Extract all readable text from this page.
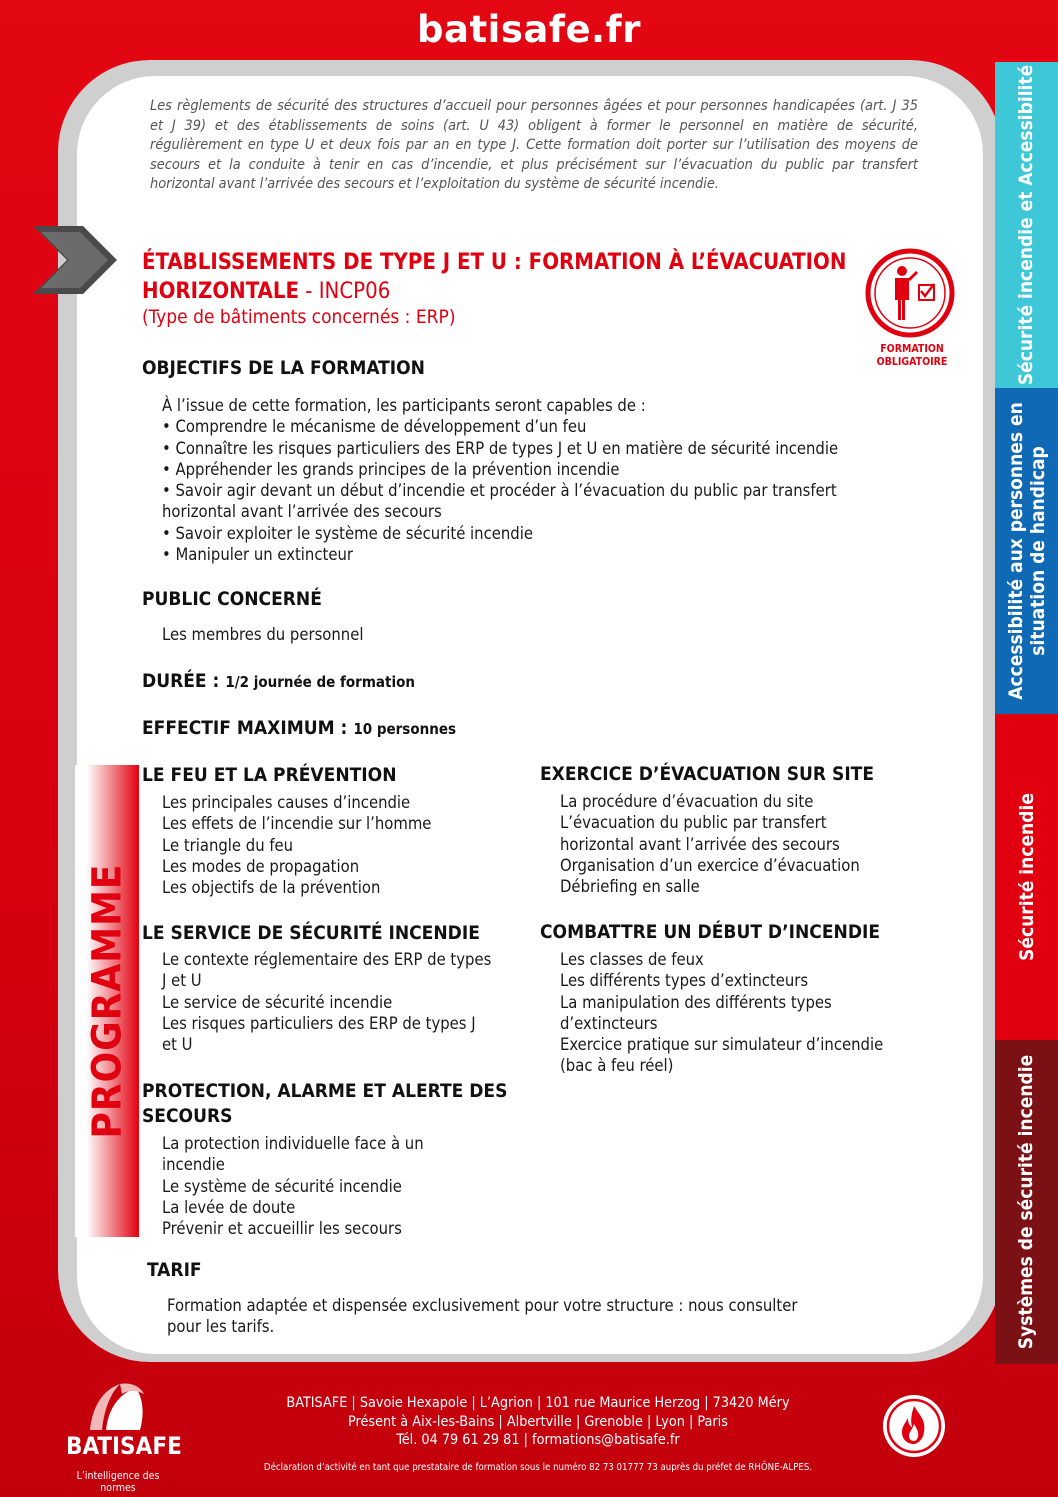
batisafe.fr
Sécurité incendie et Accessibilité
Accessibilité aux personnes en situation de handicap
Sécurité incendie
Systèmes de sécurité incendie
Les règlements de sécurité des structures d’accueil pour personnes âgées et pour personnes handicapées (art. J 35 et J 39) et des établissements de soins (art. U 43) obligent à former le personnel en matière de sécurité, régulièrement en type U et deux fois par an en type J. Cette formation doit porter sur l’utilisation des moyens de secours et la conduite à tenir en cas d’incendie, et plus précisément sur l’évacuation du public par transfert horizontal avant l’arrivée des secours et l’exploitation du système de sécurité incendie.
ÉTABLISSEMENTS DE TYPE J ET U : FORMATION À L’ÉVACUATION
HORIZONTALE - INCP06
(Type de bâtiments concernés : ERP)
FORMATION
OBLIGATOIRE
OBJECTIFS DE LA FORMATION
À l’issue de cette formation, les participants seront capables de :
• Comprendre le mécanisme de développement d’un feu
• Connaître les risques particuliers des ERP de types J et U en matière de sécurité incendie
• Appréhender les grands principes de la prévention incendie
• Savoir agir devant un début d’incendie et procéder à l’évacuation du public par transfert
horizontal avant l’arrivée des secours
• Savoir exploiter le système de sécurité incendie
• Manipuler un extincteur
PUBLIC CONCERNÉ
Les membres du personnel
DURÉE : 1/2 journée de formation
EFFECTIF MAXIMUM : 10 personnes
PROGRAMME
LE FEU ET LA PRÉVENTION
Les principales causes d’incendie
Les effets de l’incendie sur l’homme
Le triangle du feu
Les modes de propagation
Les objectifs de la prévention
LE SERVICE DE SÉCURITÉ INCENDIE
Le contexte réglementaire des ERP de types
J et U
Le service de sécurité incendie
Les risques particuliers des ERP de types J
et U
PROTECTION, ALARME ET ALERTE DES
SECOURS
La protection individuelle face à un
incendie
Le système de sécurité incendie
La levée de doute
Prévenir et accueillir les secours
EXERCICE D’ÉVACUATION SUR SITE
La procédure d’évacuation du site
L’évacuation du public par transfert
horizontal avant l’arrivée des secours
Organisation d’un exercice d’évacuation
Débriefing en salle
COMBATTRE UN DÉBUT D’INCENDIE
Les classes de feux
Les différents types d’extincteurs
La manipulation des différents types
d’extincteurs
Exercice pratique sur simulateur d’incendie
(bac à feu réel)
TARIF
Formation adaptée et dispensée exclusivement pour votre structure : nous consulter
pour les tarifs.
BATISAFE
L’intelligence des normes
BATISAFE | Savoie Hexapole | L’Agrion | 101 rue Maurice Herzog | 73420 Méry
Présent à Aix-les-Bains | Albertville | Grenoble | Lyon | Paris
Tél. 04 79 61 29 81 | formations@batisafe.fr
Déclaration d’activité en tant que prestataire de formation sous le numéro 82 73 01777 73 auprès du préfet de RHÔNE-ALPES.
